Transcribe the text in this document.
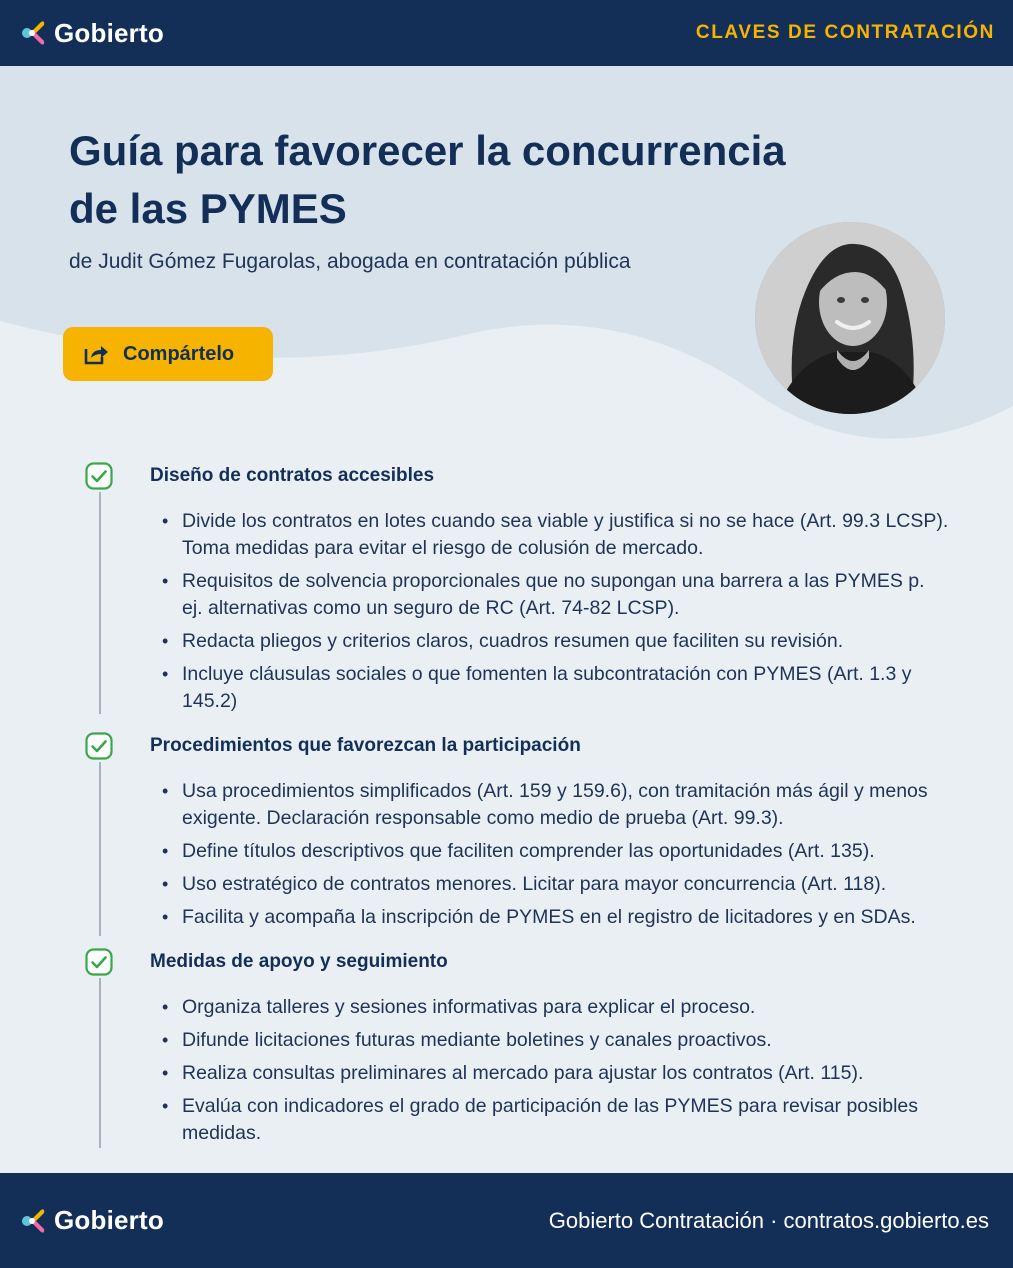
Gobierto	CLAVES DE CONTRATACIÓN
Guía para favorecer la concurrencia
de las PYMES
de Judit Gómez Fugarolas, abogada en contratación pública
Compártelo
Diseño de contratos accesibles
• Divide los contratos en lotes cuando sea viable y justifica si no se hace (Art. 99.3 LCSP). Toma medidas para evitar el riesgo de colusión de mercado.
• Requisitos de solvencia proporcionales que no supongan una barrera a las PYMES p. ej. alternativas como un seguro de RC (Art. 74-82 LCSP).
• Redacta pliegos y criterios claros, cuadros resumen que faciliten su revisión.
• Incluye cláusulas sociales o que fomenten la subcontratación con PYMES (Art. 1.3 y 145.2)
Procedimientos que favorezcan la participación
• Usa procedimientos simplificados (Art. 159 y 159.6), con tramitación más ágil y menos exigente. Declaración responsable como medio de prueba (Art. 99.3).
• Define títulos descriptivos que faciliten comprender las oportunidades (Art. 135).
• Uso estratégico de contratos menores. Licitar para mayor concurrencia (Art. 118).
• Facilita y acompaña la inscripción de PYMES en el registro de licitadores y en SDAs.
Medidas de apoyo y seguimiento
• Organiza talleres y sesiones informativas para explicar el proceso.
• Difunde licitaciones futuras mediante boletines y canales proactivos.
• Realiza consultas preliminares al mercado para ajustar los contratos (Art. 115).
• Evalúa con indicadores el grado de participación de las PYMES para revisar posibles medidas.
Gobierto	Gobierto Contratación · contratos.gobierto.es
